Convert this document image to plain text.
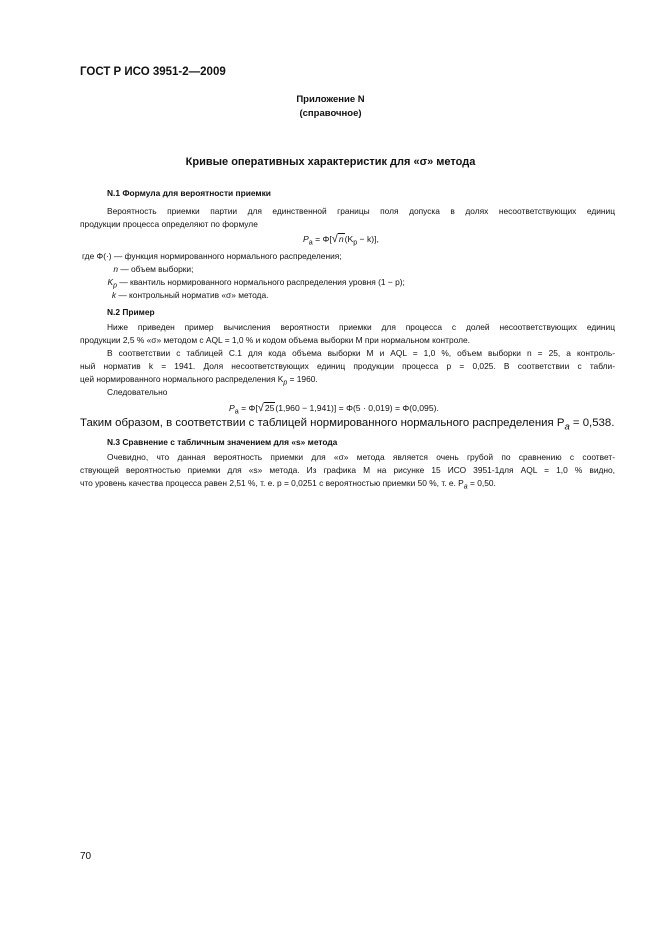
ГОСТ Р ИСО 3951-2—2009
Приложение N
(справочное)
Кривые оперативных характеристик для «σ» метода
N.1 Формула для вероятности приемки
Вероятность приемки партии для единственной границы поля допуска в долях несоответствующих единиц
продукции процесса определяют по формуле
$P_a = \Phi[√n(K_p - k)]$,
где Φ(·) — функция нормированного нормального распределения;
n — объем выборки;
$K_p$ — квантиль нормированного нормального распределения уровня (1 − p);
k — контрольный норматив «σ» метода.
N.2 Пример
Ниже приведен пример вычисления вероятности приемки для процесса с долей несоответствующих единиц
продукции 2,5 % «σ» методом с AQL = 1,0 % и кодом объема выборки M при нормальном контроле.
В соответствии с таблицей C.1 для кода объема выборки M и AQL = 1,0 %, объем выборки n = 25, а контроль-
ный норматив k = 1941. Доля несоответствующих единиц продукции процесса p = 0,025. В соответствии с табли-
цей нормированного нормального распределения $K_p = 1960$.
Следовательно
$P_a = \Phi[√25(1,960 - 1,941)] = \Phi(5 \cdot 0,019) = \Phi(0,095)$.
Таким образом, в соответствии с таблицей нормированного нормального распределения $P_a = 0,538$.
N.3 Сравнение с табличным значением для «s» метода
Очевидно, что данная вероятность приемки для «σ» метода является очень грубой по сравнению с соответ-
ствующей вероятностью приемки для «s» метода. Из графика M на рисунке 15 ИСО 3951-1для AQL = 1,0 % видно,
что уровень качества процесса равен 2,51 %, т. е. p = 0,0251 с вероятностью приемки 50 %, т. е. $P_a = 0,50$.
70
